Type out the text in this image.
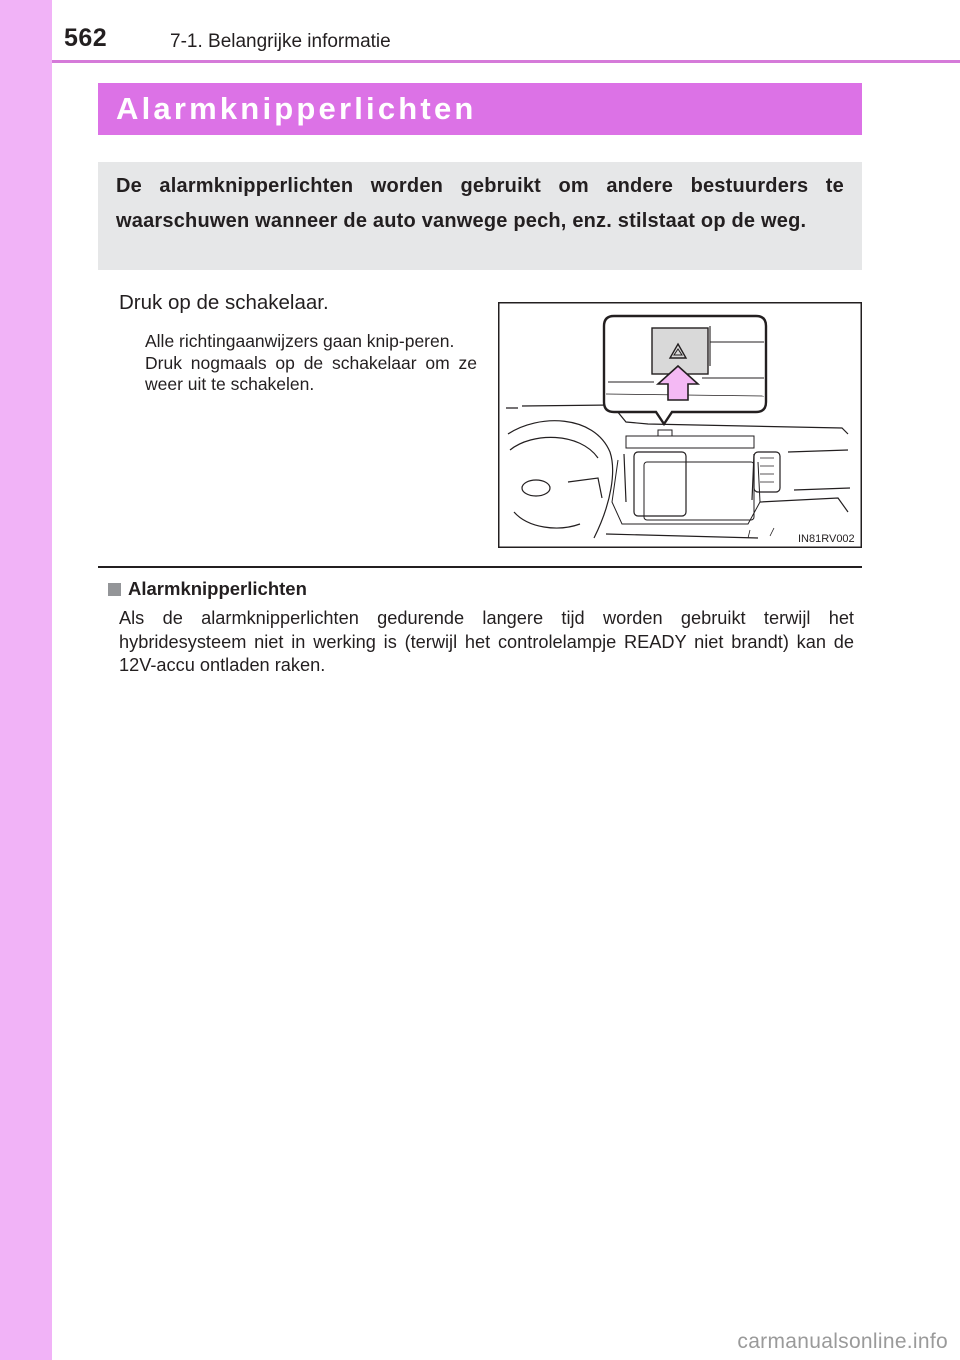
562	7-1. Belangrijke informatie
Alarmknipperlichten

De alarmknipperlichten worden gebruikt om andere bestuurders te waarschuwen wanneer de auto vanwege pech, enz. stilstaat op de weg.

Druk op de schakelaar.

Alle richtingaanwijzers gaan knip-peren.

Druk nogmaals op de schakelaar om ze weer uit te schakelen.

IN81RV002
Alarmknipperlichten

Als de alarmknipperlichten gedurende langere tijd worden gebruikt terwijl het hybridesysteem niet in werking is (terwijl het controlelampje READY niet brandt) kan de 12V-accu ontladen raken.

carmanualsonline.info
